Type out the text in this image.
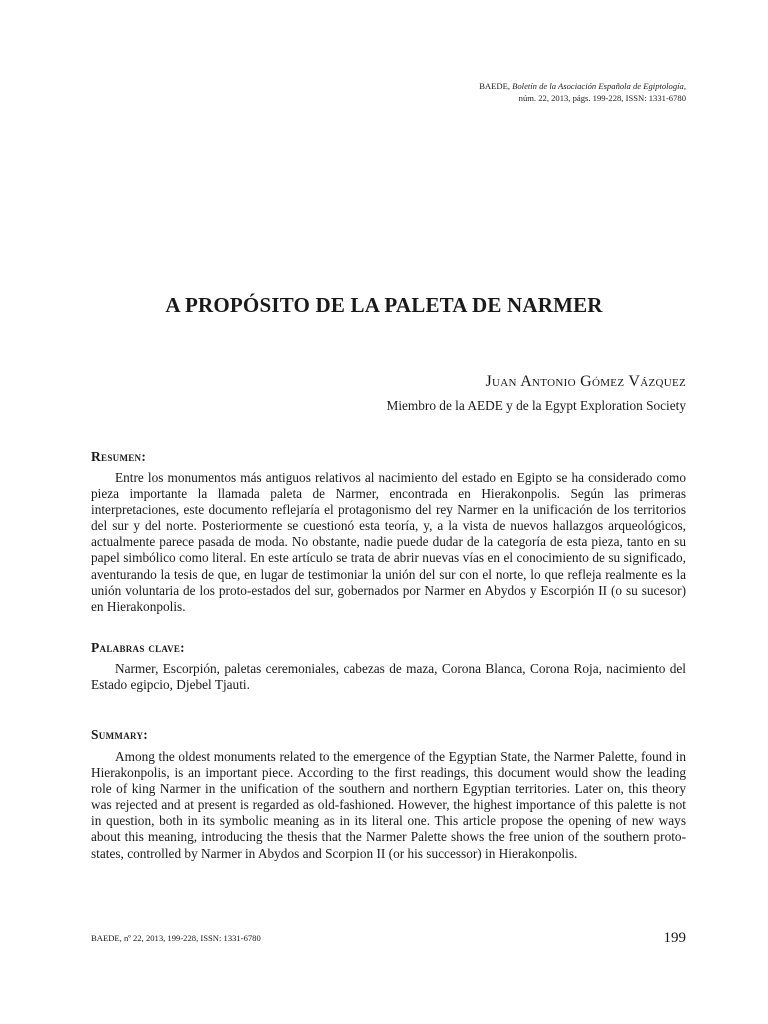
BAEDE, Boletín de la Asociación Española de Egiptología,
núm. 22, 2013, págs. 199-228, ISSN: 1331-6780
A PROPÓSITO DE LA PALETA DE NARMER
Juan Antonio Gómez Vázquez
Miembro de la AEDE y de la Egypt Exploration Society
Resumen:
Entre los monumentos más antiguos relativos al nacimiento del estado en Egipto se ha considerado como pieza importante la llamada paleta de Narmer, encontrada en Hierakonpolis. Según las primeras interpretaciones, este documento reflejaría el protagonismo del rey Narmer en la unificación de los territorios del sur y del norte. Posteriormente se cuestionó esta teoría, y, a la vista de nuevos hallazgos arqueológicos, actualmente parece pasada de moda. No obstante, nadie puede dudar de la categoría de esta pieza, tanto en su papel simbólico como literal. En este artículo se trata de abrir nuevas vías en el conocimiento de su significado, aventurando la tesis de que, en lugar de testimoniar la unión del sur con el norte, lo que refleja realmente es la unión voluntaria de los proto-estados del sur, gobernados por Narmer en Abydos y Escorpión II (o su sucesor) en Hierakonpolis.
Palabras clave:
Narmer, Escorpión, paletas ceremoniales, cabezas de maza, Corona Blanca, Corona Roja, nacimiento del Estado egipcio, Djebel Tjauti.
Summary:
Among the oldest monuments related to the emergence of the Egyptian State, the Narmer Palette, found in Hierakonpolis, is an important piece. According to the first readings, this document would show the leading role of king Narmer in the unification of the southern and northern Egyptian territories. Later on, this theory was rejected and at present is regarded as old-fashioned. However, the highest importance of this palette is not in question, both in its symbolic meaning as in its literal one. This article propose the opening of new ways about this meaning, introducing the thesis that the Narmer Palette shows the free union of the southern proto-states, controlled by Narmer in Abydos and Scorpion II (or his successor) in Hierakonpolis.
BAEDE, nº 22, 2013, 199-228, ISSN: 1331-6780	199
